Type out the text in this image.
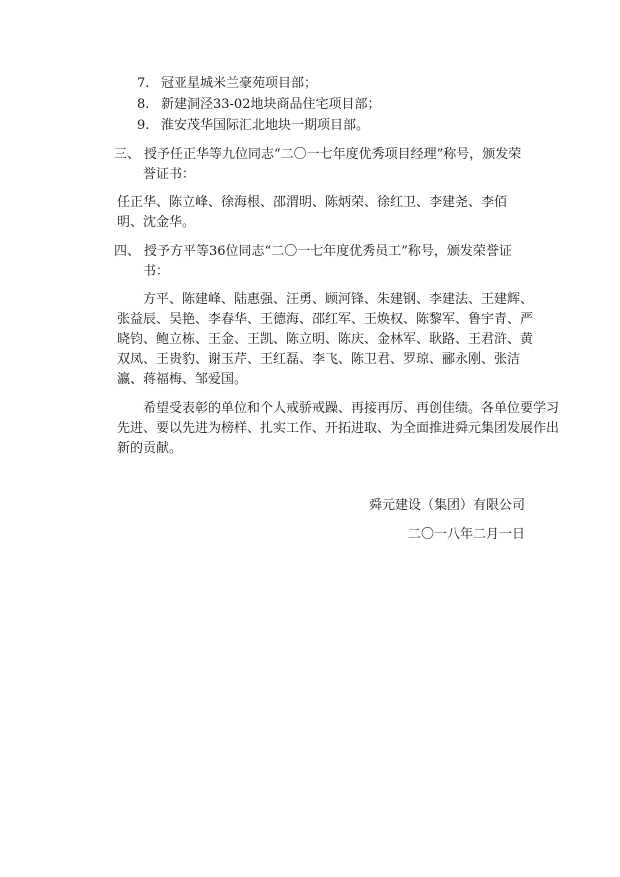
7. 冠亚星城米兰豪苑项目部；
8. 新建洞泾33-02地块商品住宅项目部；
9. 淮安茂华国际汇北地块一期项目部。
三、 授予任正华等九位同志“二〇一七年度优秀项目经理”称号，颁发荣
誉证书：
任正华、陈立峰、徐海根、邵渭明、陈炳荣、徐红卫、李建尧、李佰
明、沈金华。
四、 授予方平等36位同志“二〇一七年度优秀员工”称号，颁发荣誉证
书：
方平、陈建峰、陆惠强、汪勇、顾河锋、朱建钢、李建法、王建辉、
张益辰、吴艳、李春华、王德海、邵红军、王焕权、陈黎军、鲁宇青、严
晓钧、鲍立栋、王金、王凯、陈立明、陈庆、金林军、耿路、王君浒、黄
双凤、王贵豹、谢玉芹、王红磊、李飞、陈卫君、罗琼、郦永刚、张洁
瀛、蒋福梅、邹爱国。
希望受表彰的单位和个人戒骄戒躁、再接再厉、再创佳绩。各单位要学习
先进、要以先进为榜样、扎实工作、开拓进取、为全面推进舜元集团发展作出
新的贡献。
舜元建设（集团）有限公司
二〇一八年二月一日
